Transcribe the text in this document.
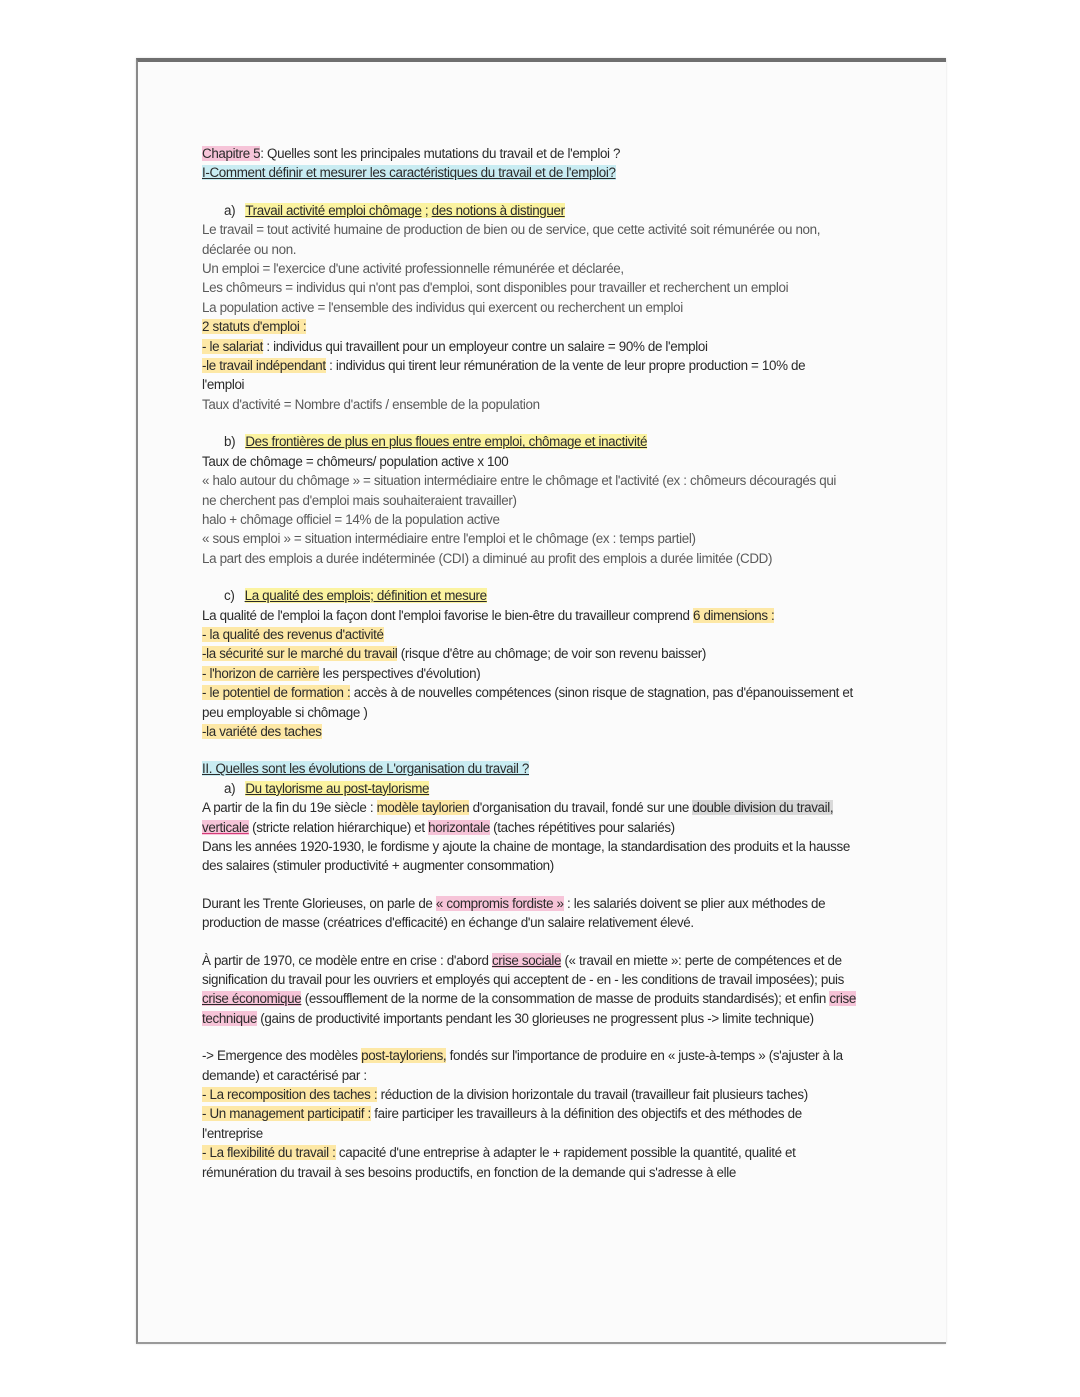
Chapitre 5: Quelles sont les principales mutations du travail et de l'emploi ?
I-Comment définir et mesurer les caractéristiques du travail et de l'emploi?
a) Travail activité emploi chômage ; des notions à distinguer
Le travail = tout activité humaine de production de bien ou de service, que cette activité soit rémunérée ou non,
déclarée ou non.
Un emploi = l'exercice d'une activité professionnelle rémunérée et déclarée,
Les chômeurs = individus qui n'ont pas d'emploi, sont disponibles pour travailler et recherchent un emploi
La population active = l'ensemble des individus qui exercent ou recherchent un emploi
2 statuts d'emploi :
- le salariat : individus qui travaillent pour un employeur contre un salaire = 90% de l'emploi
-le travail indépendant : individus qui tirent leur rémunération de la vente de leur propre production = 10% de
l'emploi
Taux d'activité = Nombre d'actifs / ensemble de la population
b) Des frontières de plus en plus floues entre emploi, chômage et inactivité
Taux de chômage = chômeurs/ population active x 100
« halo autour du chômage » = situation intermédiaire entre le chômage et l'activité (ex : chômeurs découragés qui
ne cherchent pas d'emploi mais souhaiteraient travailler)
halo + chômage officiel = 14% de la population active
« sous emploi » = situation intermédiaire entre l'emploi et le chômage (ex : temps partiel)
La part des emplois a durée indéterminée (CDI) a diminué au profit des emplois a durée limitée (CDD)
c) La qualité des emplois; définition et mesure
La qualité de l'emploi la façon dont l'emploi favorise le bien-être du travailleur comprend 6 dimensions :
- la qualité des revenus d'activité
-la sécurité sur le marché du travail (risque d'être au chômage; de voir son revenu baisser)
- l'horizon de carrière les perspectives d'évolution)
- le potentiel de formation : accès à de nouvelles compétences (sinon risque de stagnation, pas d'épanouissement et
peu employable si chômage )
-la variété des taches
II. Quelles sont les évolutions de L'organisation du travail ?
a) Du taylorisme au post-taylorisme
A partir de la fin du 19e siècle : modèle taylorien d'organisation du travail, fondé sur une double division du travail,
verticale (stricte relation hiérarchique) et horizontale (taches répétitives pour salariés)
Dans les années 1920-1930, le fordisme y ajoute la chaine de montage, la standardisation des produits et la hausse
des salaires (stimuler productivité + augmenter consommation)
Durant les Trente Glorieuses, on parle de « compromis fordiste » : les salariés doivent se plier aux méthodes de
production de masse (créatrices d'efficacité) en échange d'un salaire relativement élevé.
À partir de 1970, ce modèle entre en crise : d'abord crise sociale (« travail en miette »: perte de compétences et de
signification du travail pour les ouvriers et employés qui acceptent de - en - les conditions de travail imposées); puis
crise économique (essoufflement de la norme de la consommation de masse de produits standardisés); et enfin crise
technique (gains de productivité importants pendant les 30 glorieuses ne progressent plus -> limite technique)
-> Emergence des modèles post-tayloriens, fondés sur l'importance de produire en « juste-à-temps » (s'ajuster à la
demande) et caractérisé par :
- La recomposition des taches : réduction de la division horizontale du travail (travailleur fait plusieurs taches)
- Un management participatif : faire participer les travailleurs à la définition des objectifs et des méthodes de
l'entreprise
- La flexibilité du travail : capacité d'une entreprise à adapter le + rapidement possible la quantité, qualité et
rémunération du travail à ses besoins productifs, en fonction de la demande qui s'adresse à elle
